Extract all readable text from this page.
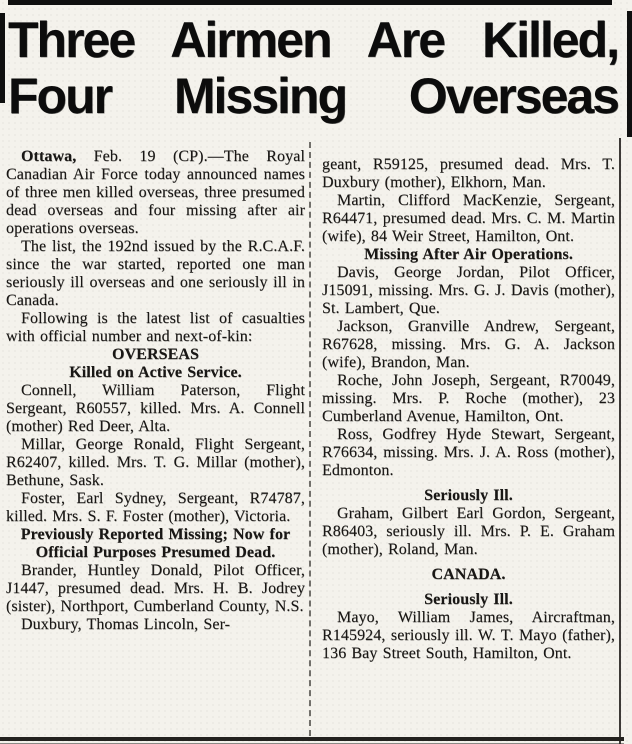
Three Airmen Are Killed,
Four Missing Overseas

Ottawa, Feb. 19 (CP).—The Royal Canadian Air Force today announced names of three men killed overseas, three presumed dead overseas and four missing after air operations overseas.

The list, the 192nd issued by the R.C.A.F. since the war started, reported one man seriously ill overseas and one seriously ill in Canada.

Following is the latest list of casualties with official number and next-of-kin:

OVERSEAS

Killed on Active Service.

Connell, William Paterson, Flight Sergeant, R60557, killed. Mrs. A. Connell (mother) Red Deer, Alta.

Millar, George Ronald, Flight Sergeant, R62407, killed. Mrs. T. G. Millar (mother), Bethune, Sask.

Foster, Earl Sydney, Sergeant, R74787, killed. Mrs. S. F. Foster (mother), Victoria.

Previously Reported Missing; Now for Official Purposes Presumed Dead.

Brander, Huntley Donald, Pilot Officer, J1447, presumed dead. Mrs. H. B. Jodrey (sister), Northport, Cumberland County, N.S.

Duxbury, Thomas Lincoln, Ser-

geant, R59125, presumed dead. Mrs. T. Duxbury (mother), Elkhorn, Man.

Martin, Clifford MacKenzie, Sergeant, R64471, presumed dead. Mrs. C. M. Martin (wife), 84 Weir Street, Hamilton, Ont.

Missing After Air Operations.

Davis, George Jordan, Pilot Officer, J15091, missing. Mrs. G. J. Davis (mother), St. Lambert, Que.

Jackson, Granville Andrew, Sergeant, R67628, missing. Mrs. G. A. Jackson (wife), Brandon, Man.

Roche, John Joseph, Sergeant, R70049, missing. Mrs. P. Roche (mother), 23 Cumberland Avenue, Hamilton, Ont.

Ross, Godfrey Hyde Stewart, Sergeant, R76634, missing. Mrs. J. A. Ross (mother), Edmonton.

Seriously Ill.

Graham, Gilbert Earl Gordon, Sergeant, R86403, seriously ill. Mrs. P. E. Graham (mother), Roland, Man.

CANADA.

Seriously Ill.

Mayo, William James, Aircraftman, R145924, seriously ill. W. T. Mayo (father), 136 Bay Street South, Hamilton, Ont.
